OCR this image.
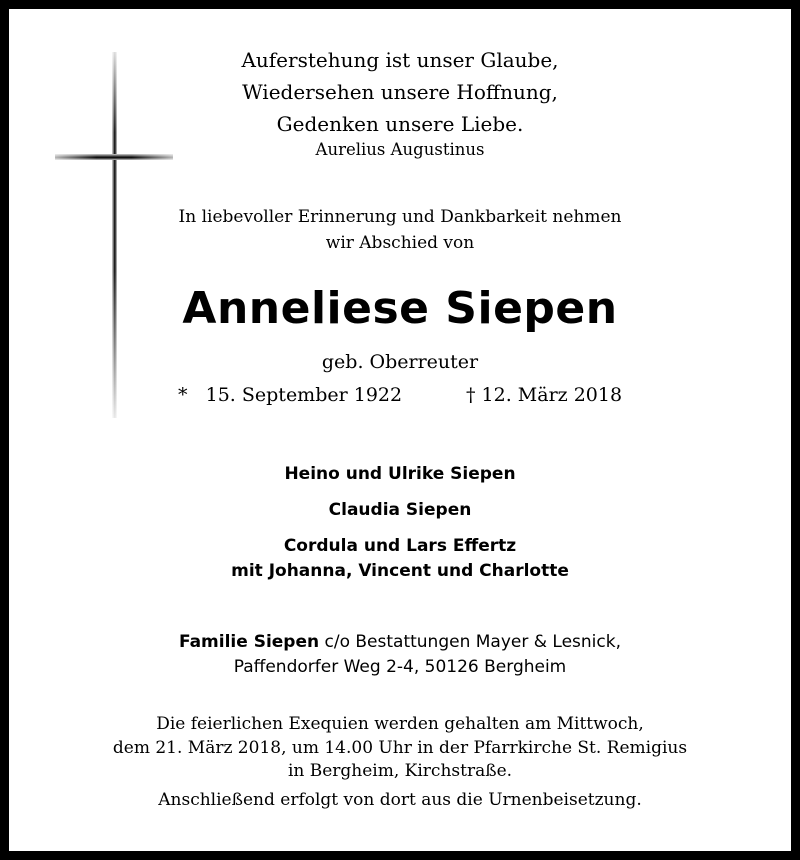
Auferstehung ist unser Glaube,
Wiedersehen unsere Hoffnung,
Gedenken unsere Liebe.
Aurelius Augustinus
In liebevoller Erinnerung und Dankbarkeit nehmen
wir Abschied von
Anneliese Siepen
geb. Oberreuter
* 15. September 1922	† 12. März 2018
Heino und Ulrike Siepen
Claudia Siepen
Cordula und Lars Effertz
mit Johanna, Vincent und Charlotte
Familie Siepen c/o Bestattungen Mayer & Lesnick,
Paffendorfer Weg 2-4, 50126 Bergheim
Die feierlichen Exequien werden gehalten am Mittwoch,
dem 21. März 2018, um 14.00 Uhr in der Pfarrkirche St. Remigius
in Bergheim, Kirchstraße.
Anschließend erfolgt von dort aus die Urnenbeisetzung.
